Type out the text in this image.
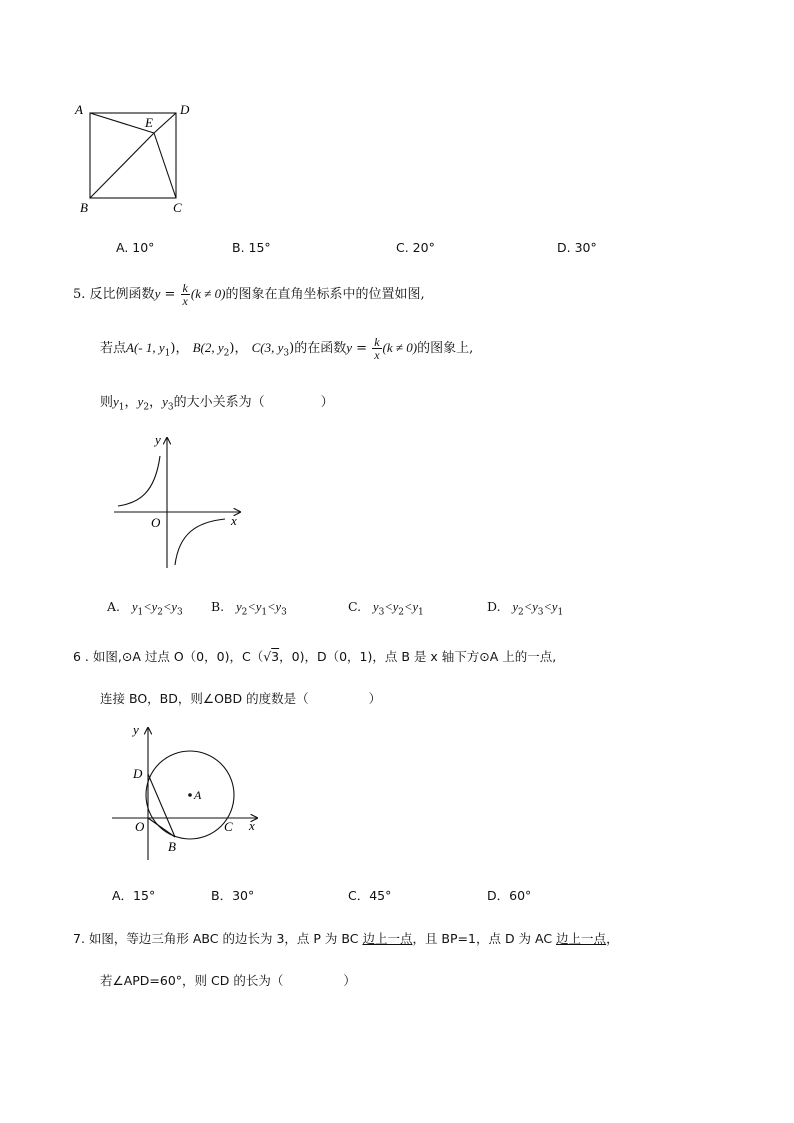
A	D
E
B	C
A. 10°	B. 15°	C. 20°	D. 30°
5. 反比例函数$y = \frac{k}{x} (k \ne 0)$的图象在直角坐标系中的位置如图,
若点A(- 1, $y_1$)， B(2, $y_2$)， C(3, $y_3$)的在函数$y = \frac{k}{x} (k \ne 0)$的图象上,
则$y_1$，$y_2$，$y_3$的大小关系为（	）
y
O	x
A. $y_1<y_2<y_3$ B. $y_2<y_1<y_3$	C. $y_3<y_2<y_1$	D. $y_2<y_3<y_1$
6 . 如图,⊙A 过点 O（0，0)，C（√3，0)，D（0，1)，点 B 是 x 轴下方⊙A 上的一点,
连接 BO，BD，则∠OBD 的度数是（	）
y
D
A
O	C x
B
A．15°	B．30°	C．45°	D．60°
7. 如图，等边三角形 ABC 的边长为 3，点 P 为 BC 边上一点，且 BP=1，点 D 为 AC 边上一点，
若∠APD=60°，则 CD 的长为（	）
